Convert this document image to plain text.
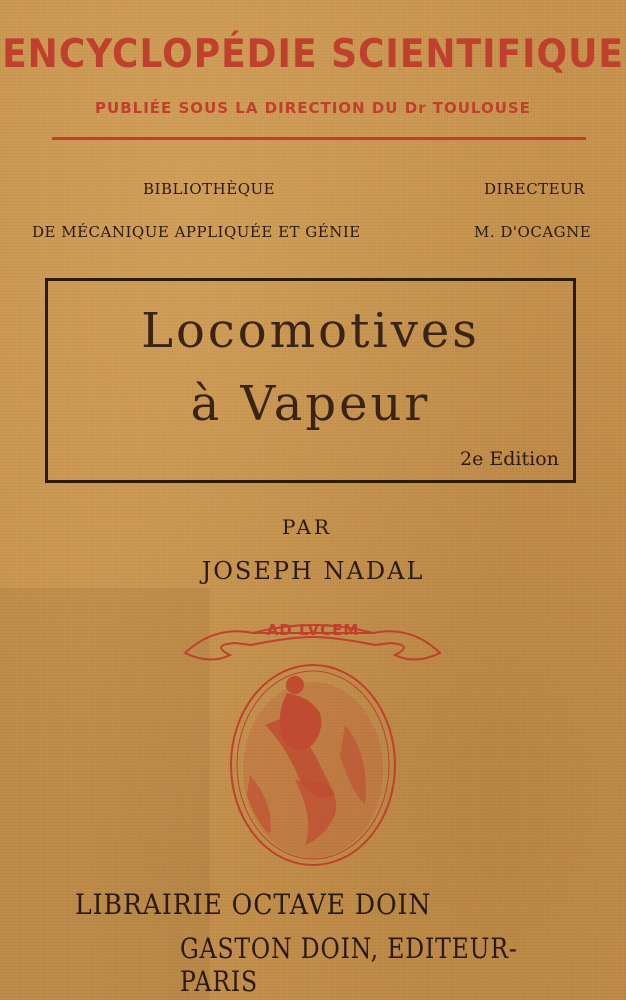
ENCYCLOPÉDIE SCIENTIFIQUE
PUBLIÉE SOUS LA DIRECTION DU Dr TOULOUSE
BIBLIOTHÈQUE
DE MÉCANIQUE APPLIQUÉE ET GÉNIE
DIRECTEUR
M. D'OCAGNE
Locomotives
à Vapeur
2e Edition
PAR
JOSEPH NADAL
AD LVCEM
LIBRAIRIE OCTAVE DOIN
GASTON DOIN, EDITEUR-PARIS
